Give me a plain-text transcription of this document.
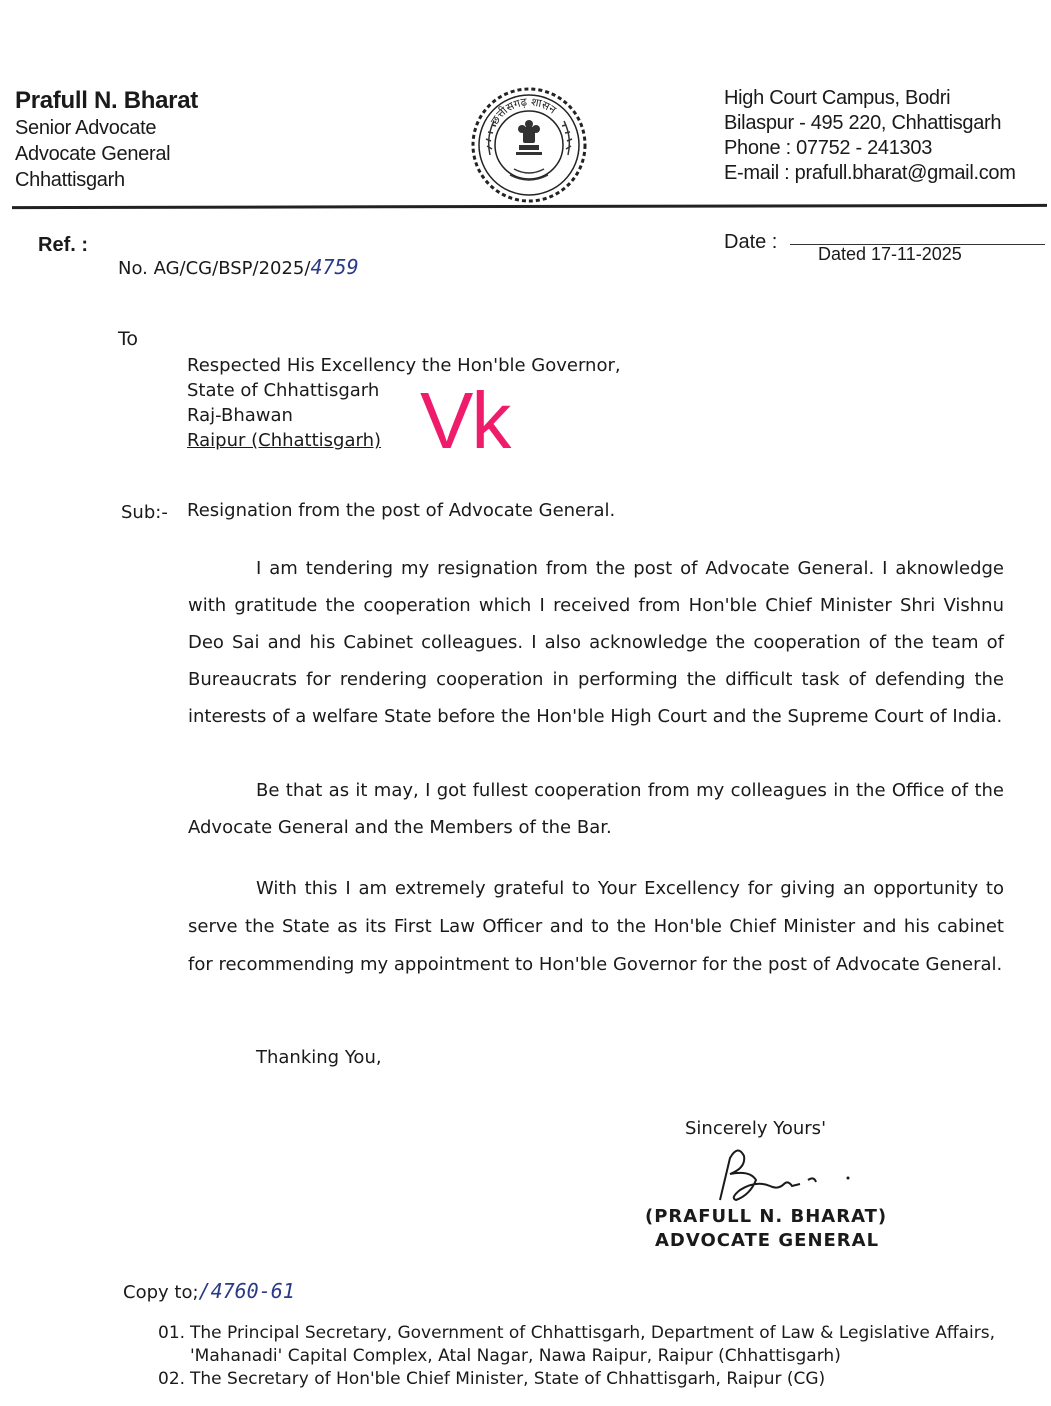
Prafull N. Bharat
Senior Advocate
Advocate General
Chhattisgarh
छत्तीसगढ़ शासन
High Court Campus, Bodri
Bilaspur - 495 220, Chhattisgarh
Phone : 07752 - 241303
E-mail : prafull.bharat@gmail.com
Ref. :
No. AG/CG/BSP/2025/4759
Date :
Dated 17-11-2025
To
Respected His Excellency the Hon'ble Governor,
State of Chhattisgarh
Raj-Bhawan
Raipur (Chhattisgarh) Vk
Sub:- Resignation from the post of Advocate General.

I am tendering my resignation from the post of Advocate General. I aknowledge with gratitude the cooperation which I received from Hon'ble Chief Minister Shri Vishnu Deo Sai and his Cabinet colleagues. I also acknowledge the cooperation of the team of Bureaucrats for rendering cooperation in performing the difficult task of defending the interests of a welfare State before the Hon'ble High Court and the Supreme Court of India.

Be that as it may, I got fullest cooperation from my colleagues in the Office of the Advocate General and the Members of the Bar.

With this I am extremely grateful to Your Excellency for giving an opportunity to serve the State as its First Law Officer and to the Hon'ble Chief Minister and his cabinet for recommending my appointment to Hon'ble Governor for the post of Advocate General.

Thanking You,
Sincerely Yours'
(PRAFULL N. BHARAT)
ADVOCATE GENERAL
Copy to;/4760-61
01. The Principal Secretary, Government of Chhattisgarh, Department of Law & Legislative Affairs,
'Mahanadi' Capital Complex, Atal Nagar, Nawa Raipur, Raipur (Chhattisgarh)
02. The Secretary of Hon'ble Chief Minister, State of Chhattisgarh, Raipur (CG)
